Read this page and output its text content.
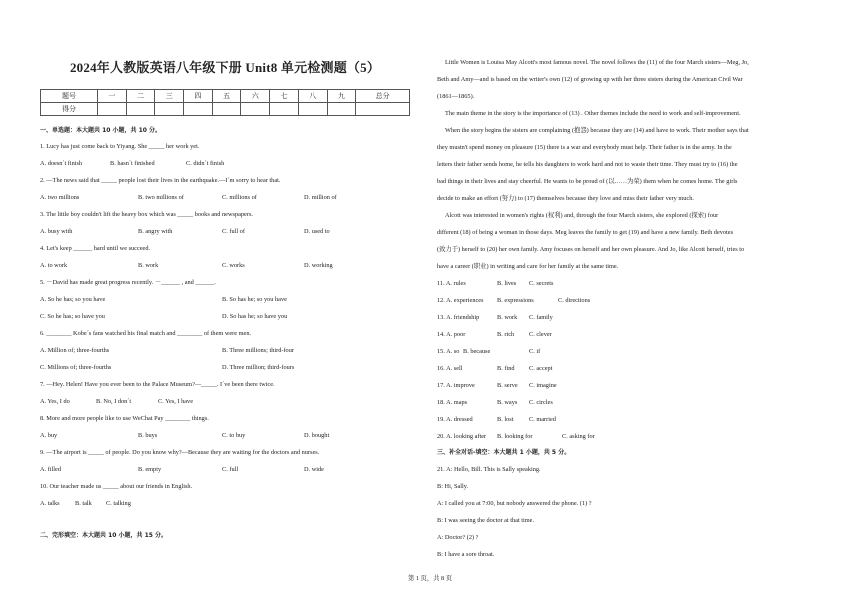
2024年人教版英语八年级下册 Unit8 单元检测题（5）
题号	一	二	三	四	五	六	七	八	九	总分
得分										
一、单选题：本大题共 10 小题，共 10 分。
1. Lucy has just come back to Yiyang. She _____ her work yet.
A. doesn´t finish	B. hasn´t finished	C. didn´t finish
2. —The news said that _____ people lost their lives in the earthquake.—I´m sorry to hear that.
A. two millions	B. two millions of	C. millions of	D. million of
3. The little boy couldn't lift the heavy box which was _____ books and newspapers.
A. busy with	B. angry with	C. full of	D. used to
4. Let's keep ______ hard until we succeed.
A. to work	B. work	C. works	D. working
5. －David has made great progress recently. －______ , and ______.
A. So he has; so you have	B. So has he; so you have
C. So he has; so have you	D. So has he; so have you
6. ________ Kobe´s fans watched his final match and ________ of them were men.
A. Million of; three-fourths	B. Three millions; third-four
C. Millions of; three-fourths	D. Three million; third-fours
7. —Hey. Helen! Have you ever been to the Palace Museum?—_____. I´ve been there twice.
A. Yes, I do	B. No, I don´t	C. Yes, I have
8. More and more people like to use WeChat Pay ________ things.
A. buy	B. buys	C. to buy	D. bought
9. —The airport is _____ of people. Do you know why?—Because they are waiting for the doctors and nurses.
A. filled	B. empty	C. full	D. wide
10. Our teacher made us _____ about our friends in English.
A. talks B. talk C. talking
二、完形填空：本大题共 10 小题，共 15 分。
Little Women is Louisa May Alcott's most famous novel. The novel follows the (11) of the four March sisters—Meg, Jo,
Beth and Amy—and is based on the writer's own (12) of growing up with her three sisters during the American Civil War
(1861—1865).
The main theme in the story is the importance of (13) . Other themes include the need to work and self-improvement.
When the story begins the sisters are complaining (抱怨) because they are (14) and have to work. Their mother says that
they mustn't spend money on pleasure (15) there is a war and everybody must help. Their father is in the army. In the
letters their father sends home, he tells his daughters to work hard and not to waste their time. They must try to (16) the
bad things in their lives and stay cheerful. He wants to be proud of (以……为荣) them when he comes home. The girls
decide to make an effort (努力) to (17) themselves because they love and miss their father very much.
Alcott was interested in women's rights (权利) and, through the four March sisters, she explored (探索) four
different (18) of being a woman in those days. Meg leaves the family to get (19) and have a new family. Beth devotes
(致力于) herself to (20) her own family. Amy focuses on herself and her own pleasure. And Jo, like Alcott herself, tries to
have a career (职业) in writing and care for her family at the same time.
11. A. rules	B. lives C. secrets
12. A. experiences B. expressions	C. directions
13. A. friendship	B. work C. family
14. A. poor	B. rich C. clever
15. A. so B. because	C. if
16. A. sell	B. find C. accept
17. A. improve	B. serve C. imagine
18. A. maps	B. ways C. circles
19. A. dressed	B. lost C. married
20. A. looking after B. looking for	C. asking for
三、补全对话-填空：本大题共 1 小题，共 5 分。
21. A: Hello, Bill. This is Sally speaking.
B: Hi, Sally.
A: I called you at 7:00, but nobody answered the phone. (1) ?
B: I was seeing the doctor at that time.
A: Doctor? (2) ?
B: I have a sore throat.
第 1 页，共 8 页
